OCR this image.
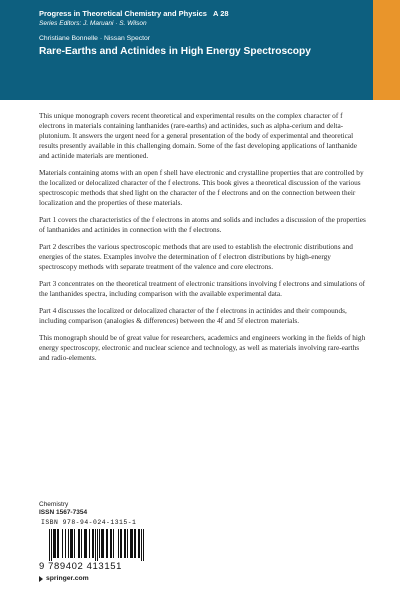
Progress in Theoretical Chemistry and Physics A 28
Series Editors: J. Maruani · S. Wilson
Christiane Bonnelle · Nissan Spector
Rare-Earths and Actinides in High Energy Spectroscopy

This unique monograph covers recent theoretical and experimental results on the complex character of f electrons in materials containing lanthanides (rare-earths) and actinides, such as alpha-cerium and delta-plutonium. It answers the urgent need for a general presentation of the body of experimental and theoretical results presently available in this challenging domain. Some of the fast developing applications of lanthanide and actinide materials are mentioned.

Materials containing atoms with an open f shell have electronic and crystalline properties that are controlled by the localized or delocalized character of the f electrons. This book gives a theoretical discussion of the various spectroscopic methods that shed light on the character of the f electrons and on the connection between their localization and the properties of these materials.

Part 1 covers the characteristics of the f electrons in atoms and solids and includes a discussion of the properties of lanthanides and actinides in connection with the f electrons.

Part 2 describes the various spectroscopic methods that are used to establish the electronic distributions and energies of the states. Examples involve the determination of f electron distributions by high-energy spectroscopy methods with separate treatment of the valence and core electrons.

Part 3 concentrates on the theoretical treatment of electronic transitions involving f electrons and simulations of the lanthanides spectra, including comparison with the available experimental data.

Part 4 discusses the localized or delocalized character of the f electrons in actinides and their compounds, including comparison (analogies & differences) between the 4f and 5f electron materials.

This monograph should be of great value for researchers, academics and engineers working in the fields of high energy spectroscopy, electronic and nuclear science and technology, as well as materials involving rare-earths and radio-elements.

Chemistry
ISSN 1567-7354
ISBN 978-94-024-1315-1
9 789402 413151
springer.com
